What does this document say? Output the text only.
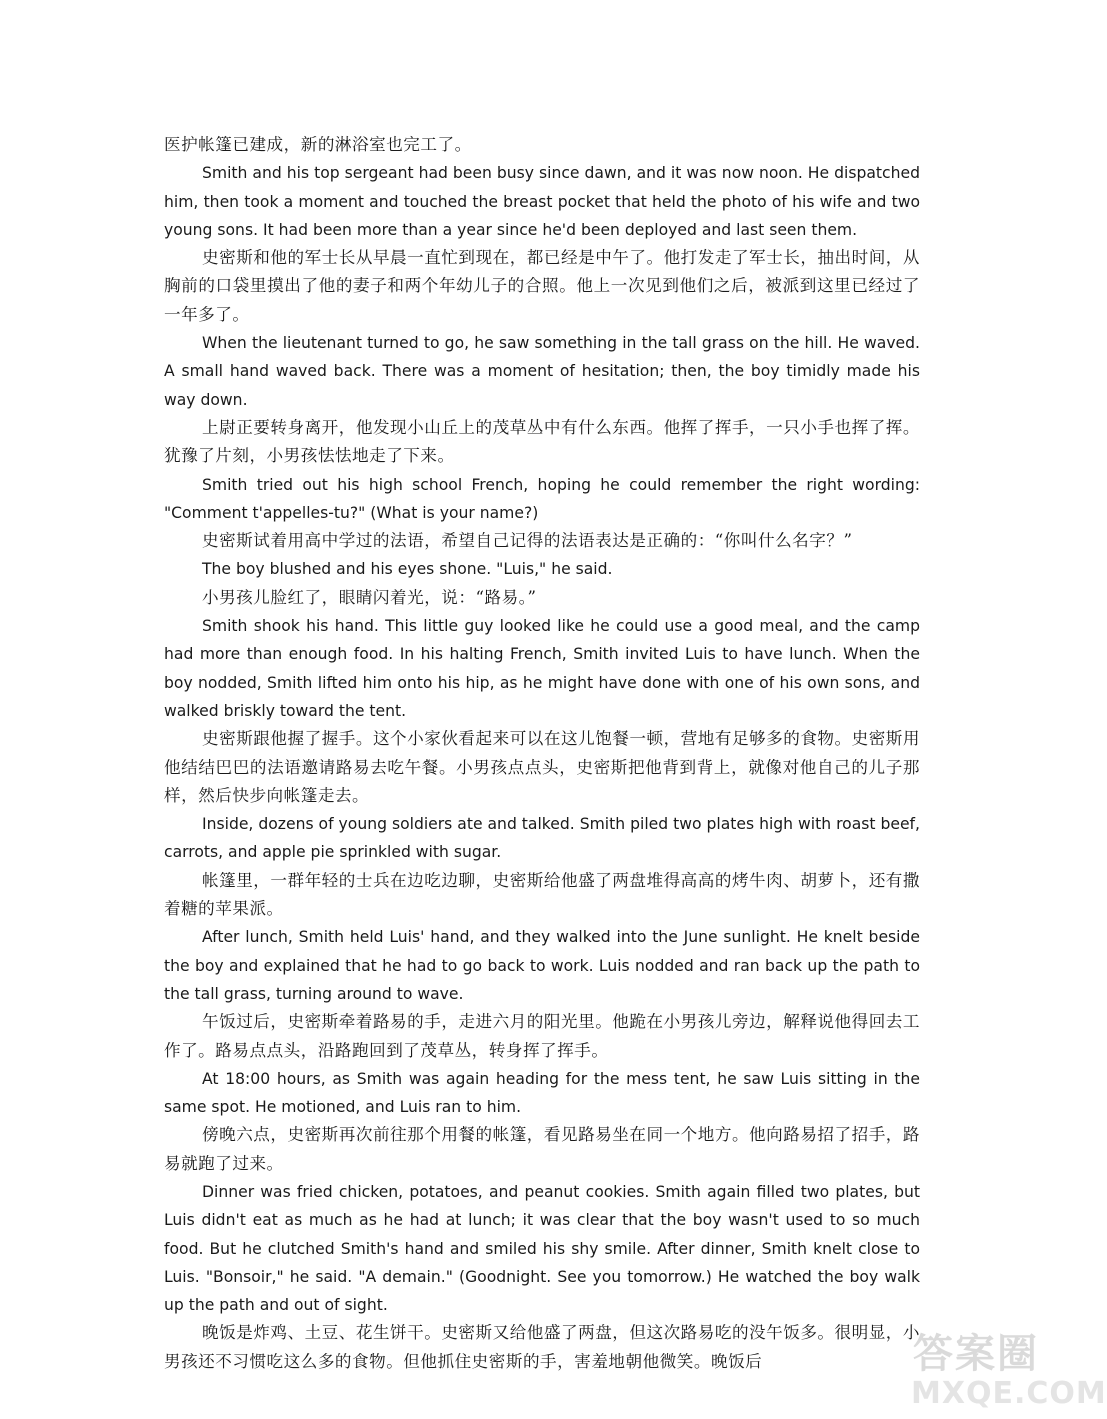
医护帐篷已建成，新的淋浴室也完工了。

Smith and his top sergeant had been busy since dawn, and it was now noon. He dispatched him, then took a moment and touched the breast pocket that held the photo of his wife and two young sons. It had been more than a year since he'd been deployed and last seen them.

史密斯和他的军士长从早晨一直忙到现在，都已经是中午了。他打发走了军士长，抽出时间，从胸前的口袋里摸出了他的妻子和两个年幼儿子的合照。他上一次见到他们之后，被派到这里已经过了一年多了。

When the lieutenant turned to go, he saw something in the tall grass on the hill. He waved. A small hand waved back. There was a moment of hesitation; then, the boy timidly made his way down.

上尉正要转身离开，他发现小山丘上的茂草丛中有什么东西。他挥了挥手，一只小手也挥了挥。犹豫了片刻，小男孩怯怯地走了下来。

Smith tried out his high school French, hoping he could remember the right wording: "Comment t'appelles-tu?" (What is your name?)

史密斯试着用高中学过的法语，希望自己记得的法语表达是正确的：“你叫什么名字？”

The boy blushed and his eyes shone. "Luis," he said.

小男孩儿脸红了，眼睛闪着光，说：“路易。”

Smith shook his hand. This little guy looked like he could use a good meal, and the camp had more than enough food. In his halting French, Smith invited Luis to have lunch. When the boy nodded, Smith lifted him onto his hip, as he might have done with one of his own sons, and walked briskly toward the tent.

史密斯跟他握了握手。这个小家伙看起来可以在这儿饱餐一顿，营地有足够多的食物。史密斯用他结结巴巴的法语邀请路易去吃午餐。小男孩点点头，史密斯把他背到背上，就像对他自己的儿子那样，然后快步向帐篷走去。

Inside, dozens of young soldiers ate and talked. Smith piled two plates high with roast beef, carrots, and apple pie sprinkled with sugar.

帐篷里，一群年轻的士兵在边吃边聊，史密斯给他盛了两盘堆得高高的烤牛肉、胡萝卜，还有撒着糖的苹果派。

After lunch, Smith held Luis' hand, and they walked into the June sunlight. He knelt beside the boy and explained that he had to go back to work. Luis nodded and ran back up the path to the tall grass, turning around to wave.

午饭过后，史密斯牵着路易的手，走进六月的阳光里。他跪在小男孩儿旁边，解释说他得回去工作了。路易点点头，沿路跑回到了茂草丛，转身挥了挥手。

At 18:00 hours, as Smith was again heading for the mess tent, he saw Luis sitting in the same spot. He motioned, and Luis ran to him.

傍晚六点，史密斯再次前往那个用餐的帐篷，看见路易坐在同一个地方。他向路易招了招手，路易就跑了过来。

Dinner was fried chicken, potatoes, and peanut cookies. Smith again filled two plates, but Luis didn't eat as much as he had at lunch; it was clear that the boy wasn't used to so much food. But he clutched Smith's hand and smiled his shy smile. After dinner, Smith knelt close to Luis. "Bonsoir," he said. "A demain." (Goodnight. See you tomorrow.) He watched the boy walk up the path and out of sight.

晚饭是炸鸡、土豆、花生饼干。史密斯又给他盛了两盘，但这次路易吃的没午饭多。很明显，小男孩还不习惯吃这么多的食物。但他抓住史密斯的手，害羞地朝他微笑。晚饭后	答案圈
MXQE.COM
